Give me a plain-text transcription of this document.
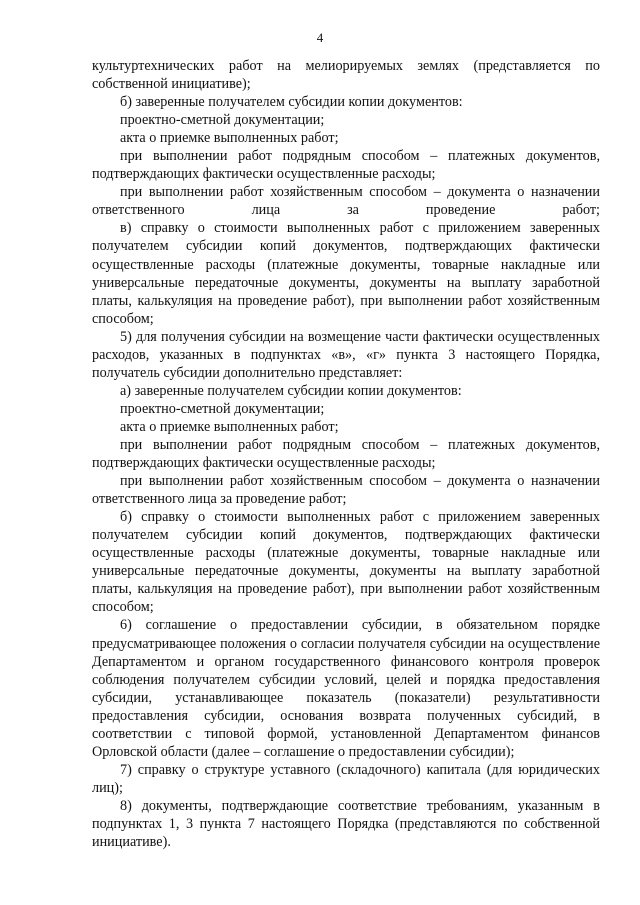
4

культуртехнических работ на мелиорируемых землях (представляется по собственной инициативе);

б) заверенные получателем субсидии копии документов:

проектно-сметной документации;

акта о приемке выполненных работ;

при выполнении работ подрядным способом – платежных документов, подтверждающих фактически осуществленные расходы;

при выполнении работ хозяйственным способом – документа о назначении ответственного лица за проведение работ;

в) справку о стоимости выполненных работ с приложением заверенных получателем субсидии копий документов, подтверждающих фактически осуществленные расходы (платежные документы, товарные накладные или универсальные передаточные документы, документы на выплату заработной платы, калькуляция на проведение работ), при выполнении работ хозяйственным способом;

5) для получения субсидии на возмещение части фактически осуществленных расходов, указанных в подпунктах «в», «г» пункта 3 настоящего Порядка, получатель субсидии дополнительно представляет:

а) заверенные получателем субсидии копии документов:

проектно-сметной документации;

акта о приемке выполненных работ;

при выполнении работ подрядным способом – платежных документов, подтверждающих фактически осуществленные расходы;

при выполнении работ хозяйственным способом – документа о назначении ответственного лица за проведение работ;

б) справку о стоимости выполненных работ с приложением заверенных получателем субсидии копий документов, подтверждающих фактически осуществленные расходы (платежные документы, товарные накладные или универсальные передаточные документы, документы на выплату заработной платы, калькуляция на проведение работ), при выполнении работ хозяйственным способом;

6) соглашение о предоставлении субсидии, в обязательном порядке предусматривающее положения о согласии получателя субсидии на осуществление Департаментом и органом государственного финансового контроля проверок соблюдения получателем субсидии условий, целей и порядка предоставления субсидии, устанавливающее показатель (показатели) результативности предоставления субсидии, основания возврата полученных субсидий, в соответствии с типовой формой, установленной Департаментом финансов Орловской области (далее – соглашение о предоставлении субсидии);

7) справку о структуре уставного (складочного) капитала (для юридических лиц);

8) документы, подтверждающие соответствие требованиям, указанным в подпунктах 1, 3 пункта 7 настоящего Порядка (представляются по собственной инициативе).
